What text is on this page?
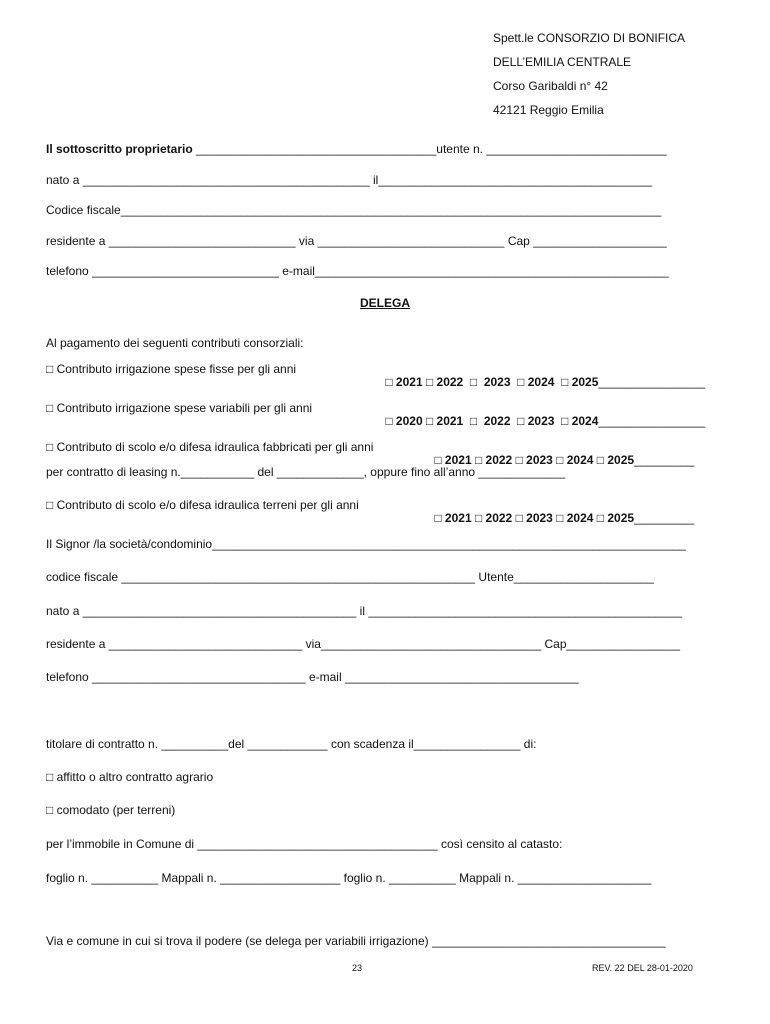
Spett.le CONSORZIO DI BONIFICA
DELL’EMILIA CENTRALE
Corso Garibaldi n° 42
42121 Reggio Emilia
Il sottoscritto proprietario ____________________________________utente n. ___________________________
nato a ___________________________________________ il_________________________________________
Codice fiscale_________________________________________________________________________________
residente a ____________________________ via ____________________________ Cap ____________________
telefono ____________________________ e-mail_____________________________________________________
DELEGA
Al pagamento dei seguenti contributi consorziali:
□ Contributo irrigazione spese fisse per gli anni

□ 2021 □ 2022  □  2023  □ 2024  □ 2025________________

□ Contributo irrigazione spese variabili per gli anni

□ 2020 □ 2021  □  2022  □ 2023  □ 2024________________

□ Contributo di scolo e/o difesa idraulica fabbricati per gli anni

□ 2021 □ 2022 □ 2023 □ 2024 □ 2025_________

per contratto di leasing n.___________ del _____________, oppure fino all’anno _____________
□ Contributo di scolo e/o difesa idraulica terreni per gli anni

□ 2021 □ 2022 □ 2023 □ 2024 □ 2025_________

Il Signor /la società/condominio_______________________________________________________________________
codice fiscale _____________________________________________________ Utente_____________________
nato a _________________________________________ il _______________________________________________
residente a _____________________________ via_________________________________ Cap_________________
telefono ________________________________ e-mail ___________________________________
titolare di contratto n. __________del ____________ con scadenza il________________ di:
□ affitto o altro contratto agrario
□ comodato (per terreni)
per l’immobile in Comune di ____________________________________ così censito al catasto:
foglio n. __________ Mappali n. __________________ foglio n. __________ Mappali n. ____________________
Via e comune in cui si trova il podere (se delega per variabili irrigazione) ___________________________________
23	REV. 22 DEL 28-01-2020
